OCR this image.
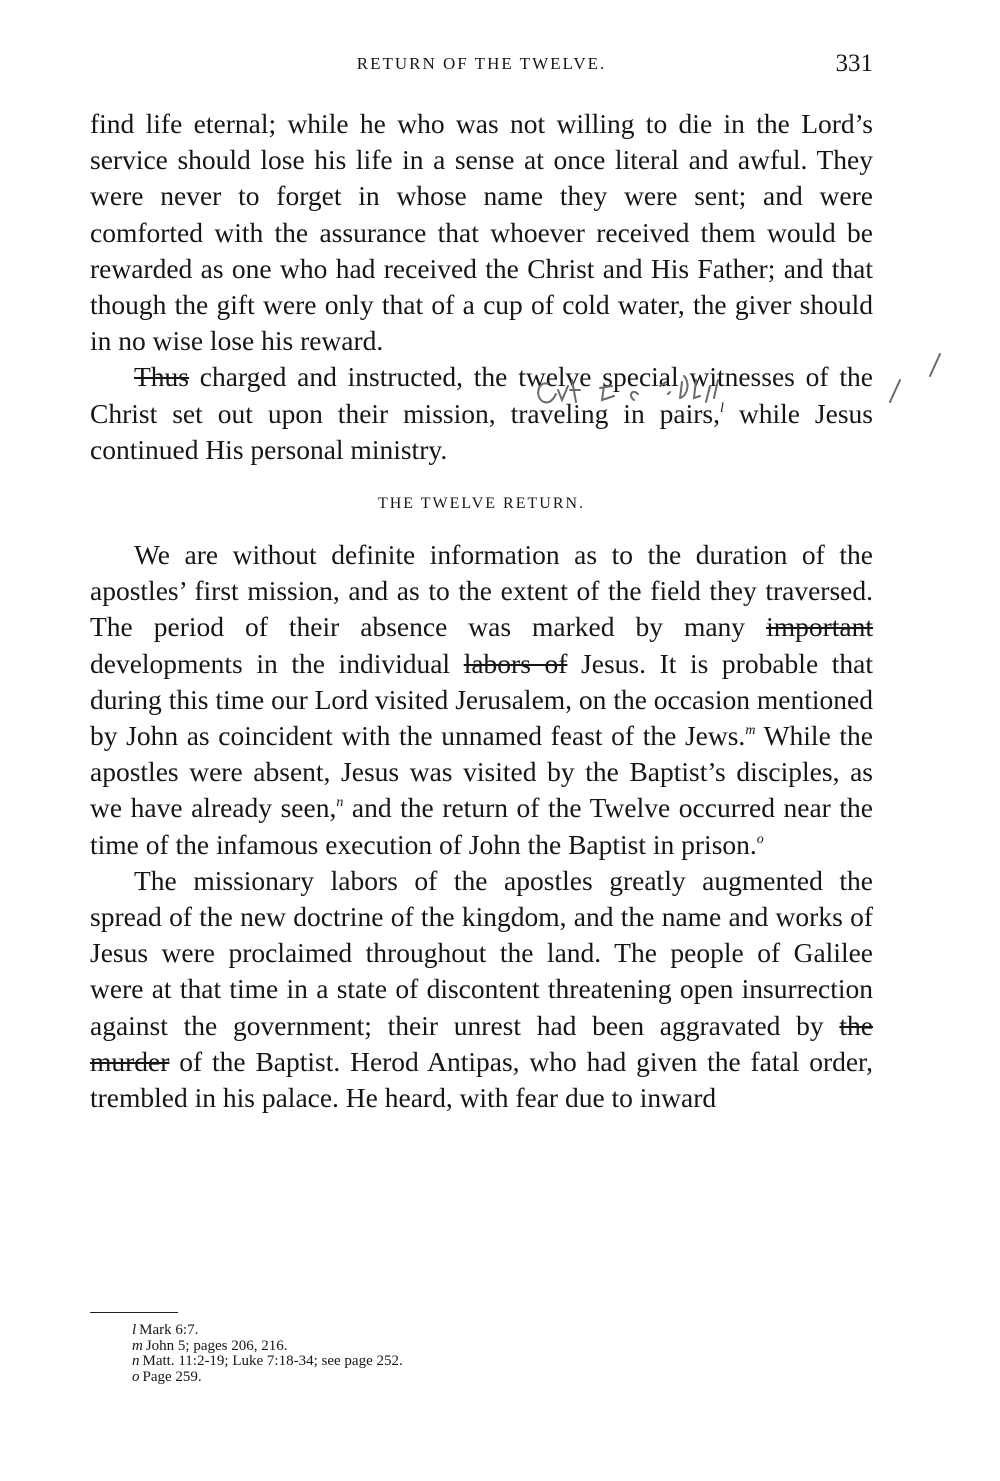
RETURN OF THE TWELVE.	331

find life eternal; while he who was not willing to die in the Lord’s service should lose his life in a sense at once literal and awful. They were never to forget in whose name they were sent; and were comforted with the assurance that whoever received them would be rewarded as one who had received the Christ and His Father; and that though the gift were only that of a cup of cold water, the giver should in no wise lose his reward.

Thus charged and instructed, the twelve special witnesses of the Christ set out upon their mission, traveling in pairs,$^l$ while Jesus continued His personal ministry.

THE TWELVE RETURN.

We are without definite information as to the duration of the apostles’ first mission, and as to the extent of the field they traversed. The period of their absence was marked by many important developments in the individual labors of Jesus. It is probable that during this time our Lord visited Jerusalem, on the occasion mentioned by John as coincident with the unnamed feast of the Jews.$^m$ While the apostles were absent, Jesus was visited by the Baptist’s disciples, as we have already seen,$^n$ and the return of the Twelve occurred near the time of the infamous execution of John the Baptist in prison.$^o$

The missionary labors of the apostles greatly augmented the spread of the new doctrine of the kingdom, and the name and works of Jesus were proclaimed throughout the land. The people of Galilee were at that time in a state of discontent threatening open insurrection against the government; their unrest had been aggravated by the murder of the Baptist. Herod Antipas, who had given the fatal order, trembled in his palace. He heard, with fear due to inward

l Mark 6:7.
m John 5; pages 206, 216.
n Matt. 11:2-19; Luke 7:18-34; see page 252.
o Page 259.
